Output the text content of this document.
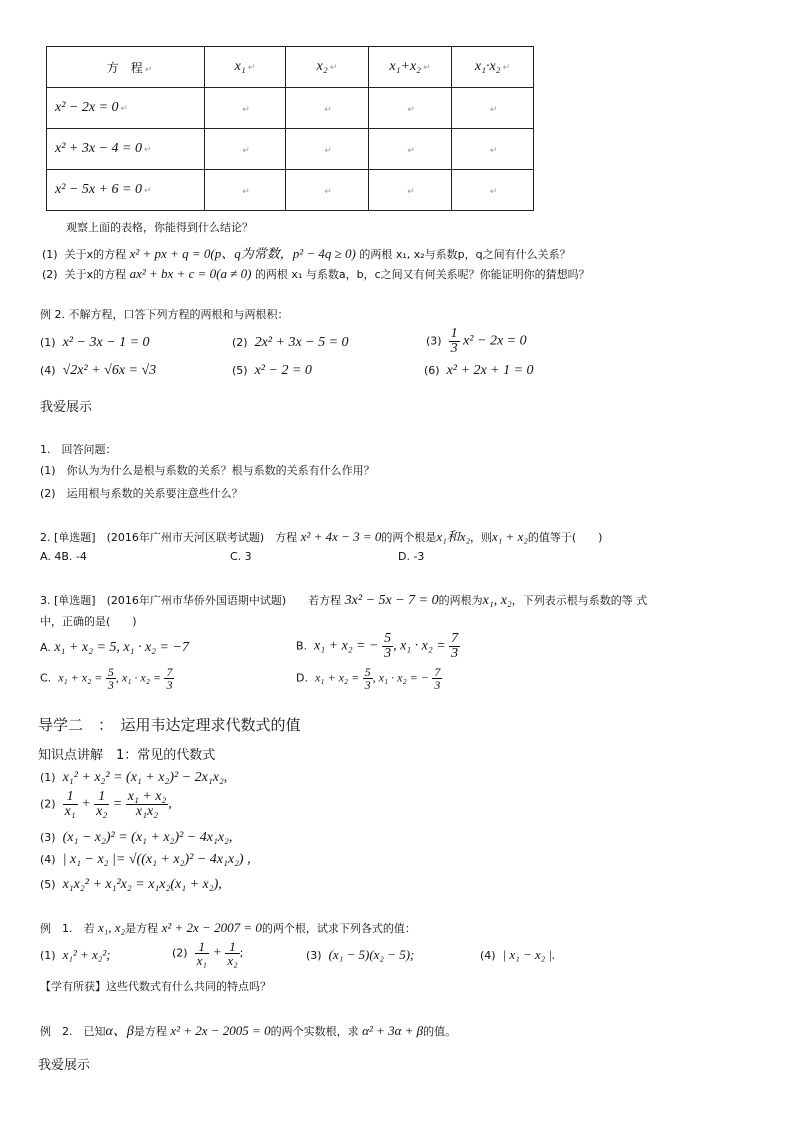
方　程 ↵	x₁ ↵	x₂ ↵	x₁+x₂ ↵	x₁·x₂ ↵
x² − 2x = 0 ↵	↵	↵	↵	↵
x² + 3x − 4 = 0 ↵	↵	↵	↵	↵
x² − 5x + 6 = 0 ↵	↵	↵	↵	↵
观察上面的表格，你能得到什么结论？
(1) 关于x的方程 x² + px + q = 0(p、q为常数，p² − 4q ≥ 0) 的两根 x₁, x₂与系数p，q之间有什么关系？
(2) 关于x的方程 ax² + bx + c = 0(a ≠ 0) 的两根 x₁ 与系数a，b，c之间又有何关系呢？你能证明你的猜想吗？
例 2. 不解方程，口答下列方程的两根和与两根积：
(1) x² − 3x − 1 = 0	(2) 2x² + 3x − 5 = 0	$(3) \frac{1}{3} x^2 - 2x = 0$
(4) √2x² + √6x = √3	(5) x² − 2 = 0	(6) x² + 2x + 1 = 0
我爱展示
1.　回答问题：
(1)　你认为为什么是根与系数的关系？根与系数的关系有什么作用？
(2)　运用根与系数的关系要注意些什么？
2. [单选题]　(2016年广州市天河区联考试题)　方程 x² + 4x − 3 = 0的两个根是x₁和x₂，则x₁ + x₂的值等于(　　)
A. 4B. -4	C. 3	D. -3
3. [单选题]　(2016年广州市华侨外国语期中试题)　　若方程 3x² − 5x − 7 = 0的两根为x₁, x₂，下列表示根与系数的等 式
中，正确的是(　　)
A. x₁ + x₂ = 5, x₁ · x₂ = −7	B. x₁ + x₂ = − $\frac{5}{3}$ , $x_1 \cdot x_2 = \frac{7}{3}$
C. $x_1 + x_2 = \frac{5}{3}$ , $x_1 \cdot x_2 = \frac{7}{3}$	D. $x_1 + x_2 = \frac{5}{3}$ , x₁ · x₂ = − $\frac{7}{3}$
导学二　：　运用韦达定理求代数式的值
知识点讲解　1：常见的代数式
(1) x₁² + x₂² = (x₁ + x₂)² − 2x₁x₂,
$(2) \frac{1}{\text{x₁}} + \frac{1}{\text{x₂}} = \frac{\text{x₁ + x₂}}{\text{x₁x₂}}$ ,
(3) (x₁ − x₂)² = (x₁ + x₂)² − 4x₁x₂,
(4) | x₁ − x₂ |= √((x₁ + x₂)² − 4x₁x₂) ,
(5) x₁x₂² + x₁²x₂ = x₁x₂(x₁ + x₂),
例　1.　若 x₁, x₂是方程 x² + 2x − 2007 = 0的两个根，试求下列各式的值：
(1) x₁² + x₂²;	$(2) \frac{1}{\text{x₁}} + \frac{1}{\text{x₂}}$ ;	(3) (x₁ − 5)(x₂ − 5);	(4) | x₁ − x₂ |.
【学有所获】这些代数式有什么共同的特点吗？
例　2.　已知α、β是方程 x² + 2x − 2005 = 0的两个实数根，求 α² + 3α + β的值。
我爱展示
